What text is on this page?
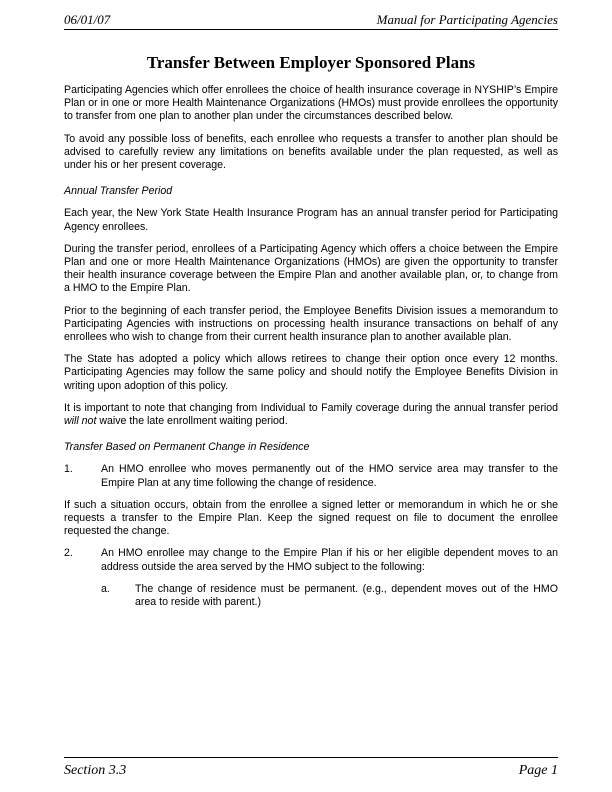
06/01/07	Manual for Participating Agencies
Transfer Between Employer Sponsored Plans

Participating Agencies which offer enrollees the choice of health insurance coverage in NYSHIP’s Empire Plan or in one or more Health Maintenance Organizations (HMOs) must provide enrollees the opportunity to transfer from one plan to another plan under the circumstances described below.

To avoid any possible loss of benefits, each enrollee who requests a transfer to another plan should be advised to carefully review any limitations on benefits available under the plan requested, as well as under his or her present coverage.

Annual Transfer Period

Each year, the New York State Health Insurance Program has an annual transfer period for Participating Agency enrollees.

During the transfer period, enrollees of a Participating Agency which offers a choice between the Empire Plan and one or more Health Maintenance Organizations (HMOs) are given the opportunity to transfer their health insurance coverage between the Empire Plan and another available plan, or, to change from a HMO to the Empire Plan.

Prior to the beginning of each transfer period, the Employee Benefits Division issues a memorandum to Participating Agencies with instructions on processing health insurance transactions on behalf of any enrollees who wish to change from their current health insurance plan to another available plan.

The State has adopted a policy which allows retirees to change their option once every 12 months. Participating Agencies may follow the same policy and should notify the Employee Benefits Division in writing upon adoption of this policy.

It is important to note that changing from Individual to Family coverage during the annual transfer period will not waive the late enrollment waiting period.

Transfer Based on Permanent Change in Residence

1.	An HMO enrollee who moves permanently out of the HMO service area may transfer to the Empire Plan at any time following the change of residence.

If such a situation occurs, obtain from the enrollee a signed letter or memorandum in which he or she requests a transfer to the Empire Plan. Keep the signed request on file to document the enrollee requested the change.

2.	An HMO enrollee may change to the Empire Plan if his or her eligible dependent moves to an address outside the area served by the HMO subject to the following:
a. The change of residence must be permanent. (e.g., dependent moves out of the HMO area to reside with parent.)
Section 3.3	Page 1
